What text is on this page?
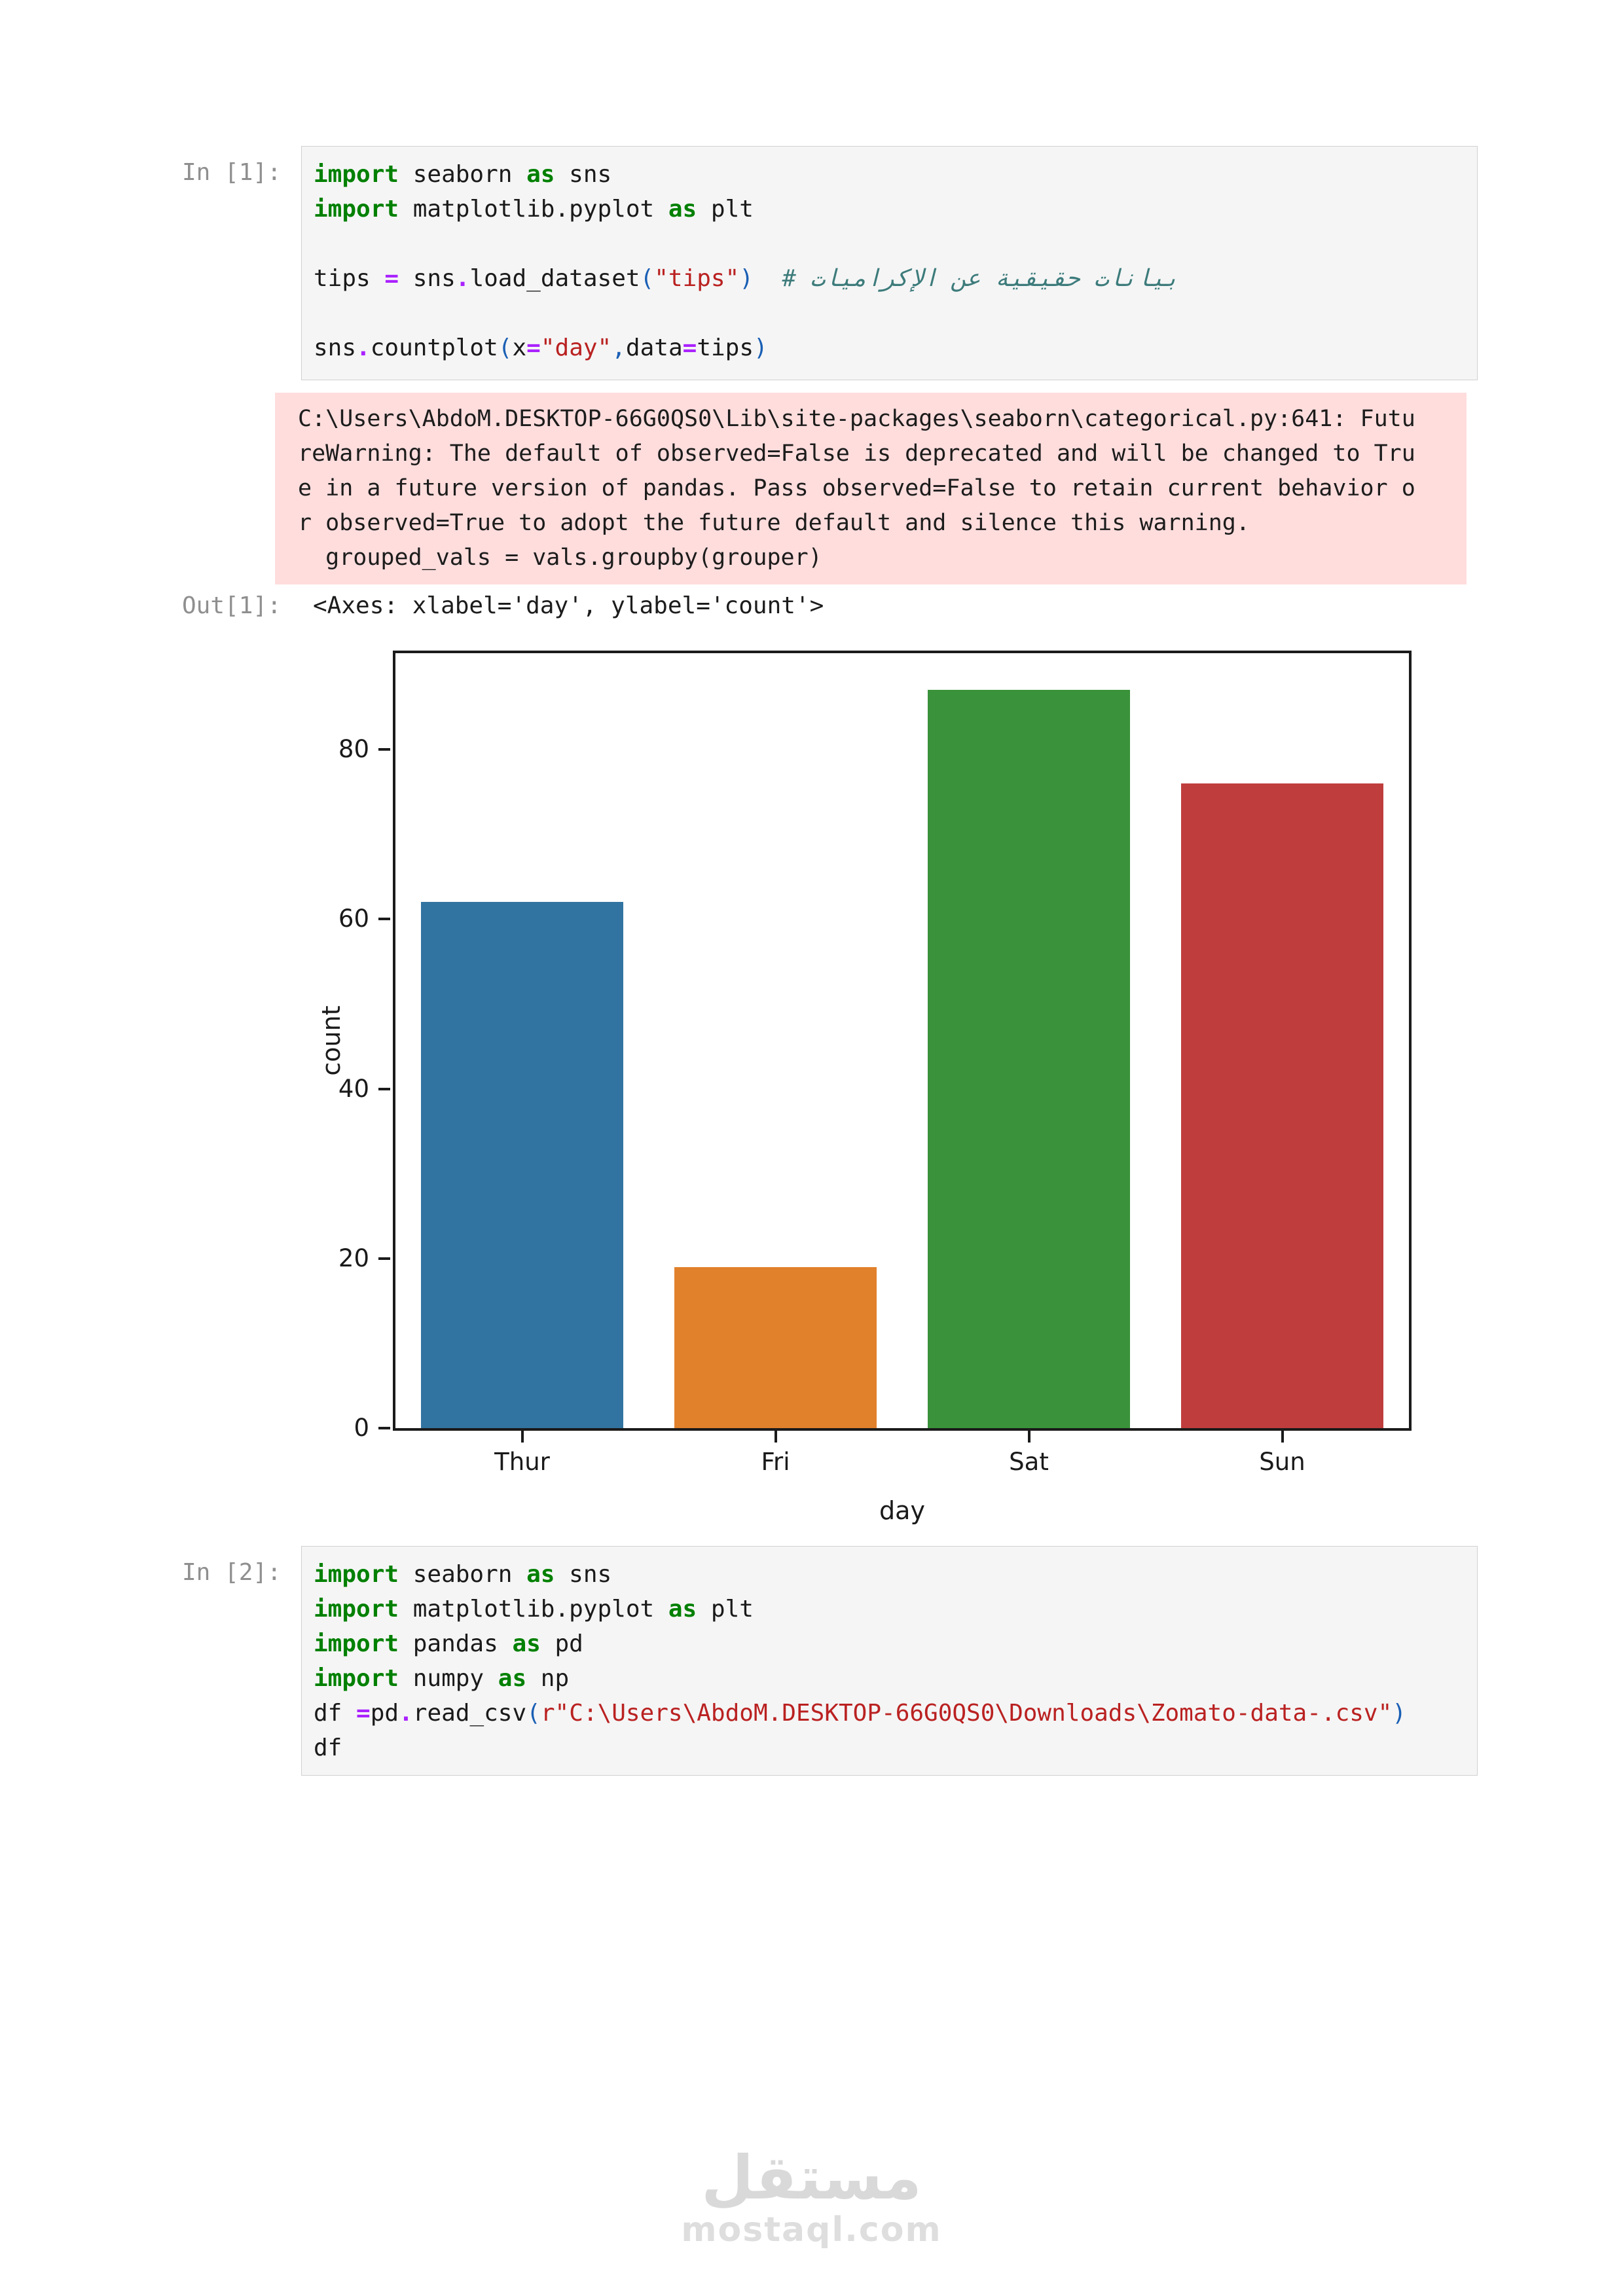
In [1]: import seaborn as sns
import matplotlib.pyplot as plt

tips = sns.load_dataset("tips") # بيانات حقيقية عن الإكراميات

sns.countplot(x="day",data=tips)
C:\Users\AbdoM.DESKTOP-66G0QS0\Lib\site-packages\seaborn\categorical.py:641: Futu
reWarning: The default of observed=False is deprecated and will be changed to Tru
e in a future version of pandas. Pass observed=False to retain current behavior o
r observed=True to adopt the future default and silence this warning.
grouped_vals = vals.groupby(grouper)
Out[1]: <Axes: xlabel='day', ylabel='count'>
count
day
0
20
40
60
80
Thur	Fri	Sat	Sun
In [2]: import seaborn as sns
import matplotlib.pyplot as plt
import pandas as pd
import numpy as np
df =pd.read_csv(r"C:\Users\AbdoM.DESKTOP-66G0QS0\Downloads\Zomato-data-.csv")
df
مستقل
mostaql.com
